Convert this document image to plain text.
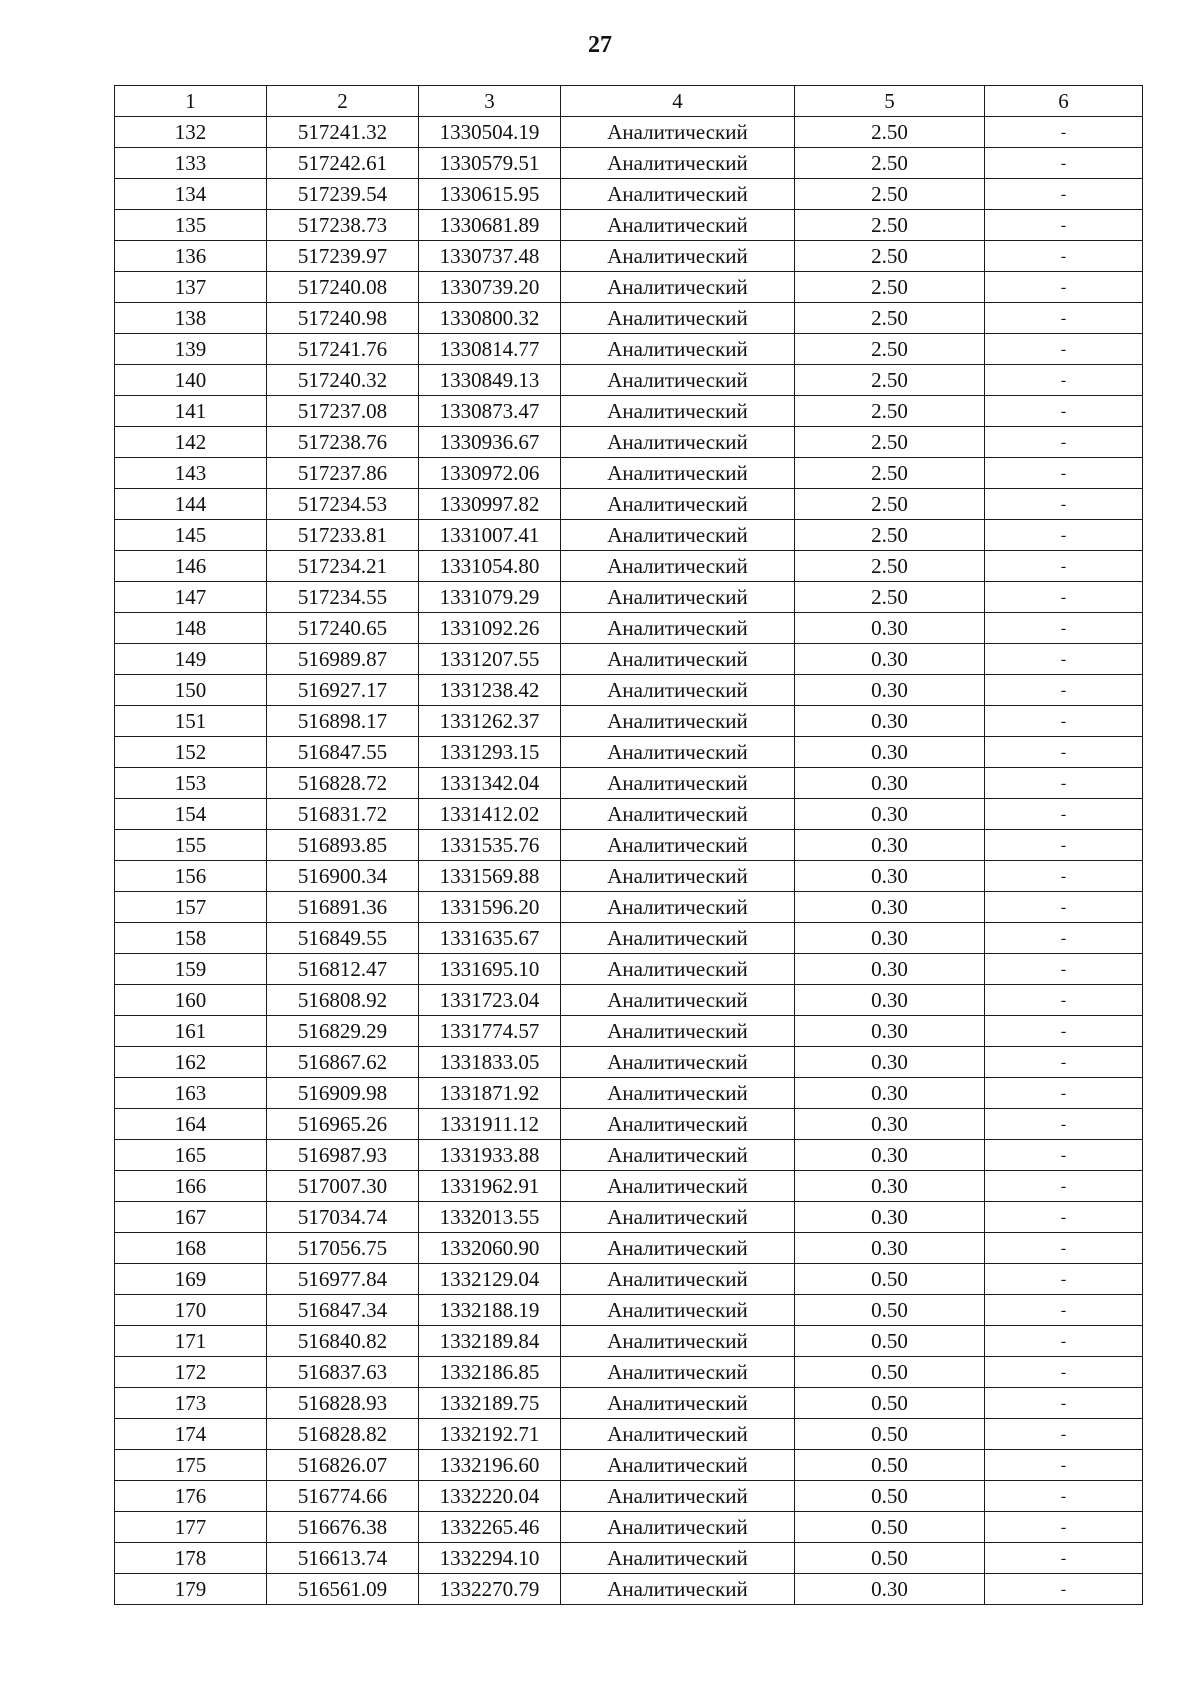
27
1	2	3	4	5	6
132	517241.32	1330504.19	Аналитический	2.50	-
133	517242.61	1330579.51	Аналитический	2.50	-
134	517239.54	1330615.95	Аналитический	2.50	-
135	517238.73	1330681.89	Аналитический	2.50	-
136	517239.97	1330737.48	Аналитический	2.50	-
137	517240.08	1330739.20	Аналитический	2.50	-
138	517240.98	1330800.32	Аналитический	2.50	-
139	517241.76	1330814.77	Аналитический	2.50	-
140	517240.32	1330849.13	Аналитический	2.50	-
141	517237.08	1330873.47	Аналитический	2.50	-
142	517238.76	1330936.67	Аналитический	2.50	-
143	517237.86	1330972.06	Аналитический	2.50	-
144	517234.53	1330997.82	Аналитический	2.50	-
145	517233.81	1331007.41	Аналитический	2.50	-
146	517234.21	1331054.80	Аналитический	2.50	-
147	517234.55	1331079.29	Аналитический	2.50	-
148	517240.65	1331092.26	Аналитический	0.30	-
149	516989.87	1331207.55	Аналитический	0.30	-
150	516927.17	1331238.42	Аналитический	0.30	-
151	516898.17	1331262.37	Аналитический	0.30	-
152	516847.55	1331293.15	Аналитический	0.30	-
153	516828.72	1331342.04	Аналитический	0.30	-
154	516831.72	1331412.02	Аналитический	0.30	-
155	516893.85	1331535.76	Аналитический	0.30	-
156	516900.34	1331569.88	Аналитический	0.30	-
157	516891.36	1331596.20	Аналитический	0.30	-
158	516849.55	1331635.67	Аналитический	0.30	-
159	516812.47	1331695.10	Аналитический	0.30	-
160	516808.92	1331723.04	Аналитический	0.30	-
161	516829.29	1331774.57	Аналитический	0.30	-
162	516867.62	1331833.05	Аналитический	0.30	-
163	516909.98	1331871.92	Аналитический	0.30	-
164	516965.26	1331911.12	Аналитический	0.30	-
165	516987.93	1331933.88	Аналитический	0.30	-
166	517007.30	1331962.91	Аналитический	0.30	-
167	517034.74	1332013.55	Аналитический	0.30	-
168	517056.75	1332060.90	Аналитический	0.30	-
169	516977.84	1332129.04	Аналитический	0.50	-
170	516847.34	1332188.19	Аналитический	0.50	-
171	516840.82	1332189.84	Аналитический	0.50	-
172	516837.63	1332186.85	Аналитический	0.50	-
173	516828.93	1332189.75	Аналитический	0.50	-
174	516828.82	1332192.71	Аналитический	0.50	-
175	516826.07	1332196.60	Аналитический	0.50	-
176	516774.66	1332220.04	Аналитический	0.50	-
177	516676.38	1332265.46	Аналитический	0.50	-
178	516613.74	1332294.10	Аналитический	0.50	-
179	516561.09	1332270.79	Аналитический	0.30	-
